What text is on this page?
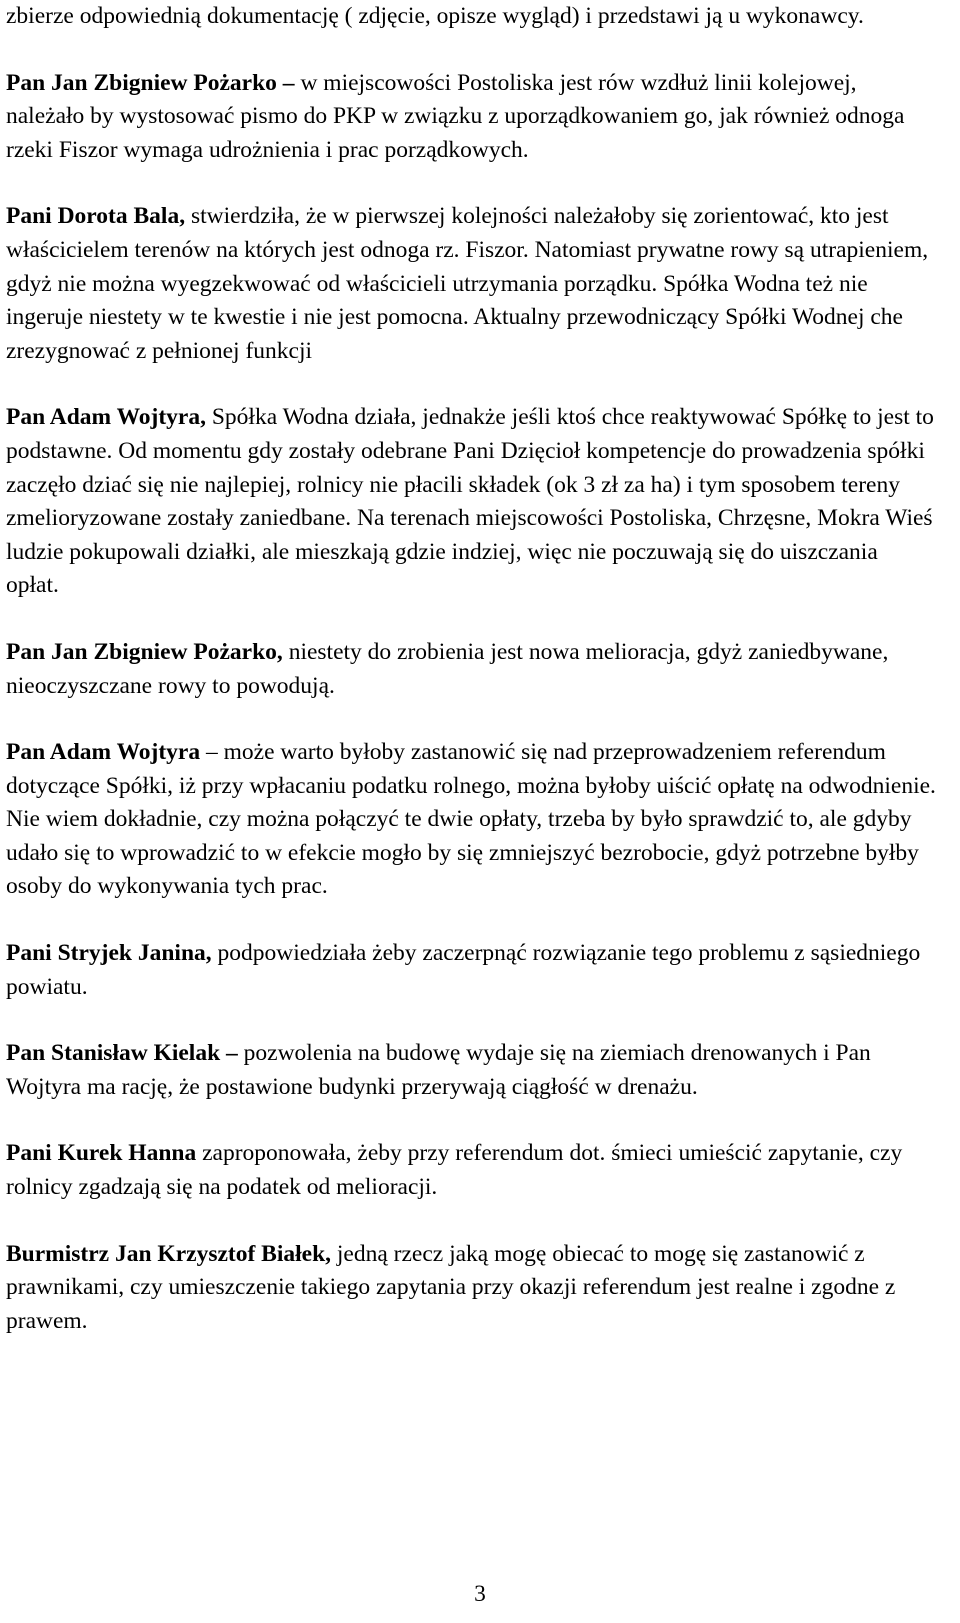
zbierze odpowiednią dokumentację ( zdjęcie, opisze wygląd) i przedstawi ją u wykonawcy.

Pan Jan Zbigniew Pożarko – w miejscowości Postoliska jest rów wzdłuż linii kolejowej, należało by wystosować pismo do PKP w związku z uporządkowaniem go, jak również odnoga rzeki Fiszor wymaga udrożnienia i prac porządkowych.

Pani Dorota Bala, stwierdziła, że w pierwszej kolejności należałoby się zorientować, kto jest właścicielem terenów na których jest odnoga rz. Fiszor. Natomiast prywatne rowy są utrapieniem, gdyż nie można wyegzekwować od właścicieli utrzymania porządku. Spółka Wodna też nie ingeruje niestety w te kwestie i nie jest pomocna. Aktualny przewodniczący Spółki Wodnej che zrezygnować z pełnionej funkcji

Pan Adam Wojtyra, Spółka Wodna działa, jednakże jeśli ktoś chce reaktywować Spółkę to jest to podstawne. Od momentu gdy zostały odebrane Pani Dzięcioł kompetencje do prowadzenia spółki zaczęło dziać się nie najlepiej, rolnicy nie płacili składek (ok 3 zł za ha) i tym sposobem tereny zmelioryzowane zostały zaniedbane. Na terenach miejscowości Postoliska, Chrzęsne, Mokra Wieś ludzie pokupowali działki, ale mieszkają gdzie indziej, więc nie poczuwają się do uiszczania opłat.

Pan Jan Zbigniew Pożarko, niestety do zrobienia jest nowa melioracja, gdyż zaniedbywane, nieoczyszczane rowy to powodują.

Pan Adam Wojtyra – może warto byłoby zastanowić się nad przeprowadzeniem referendum dotyczące Spółki, iż przy wpłacaniu podatku rolnego, można byłoby uiścić opłatę na odwodnienie. Nie wiem dokładnie, czy można połączyć te dwie opłaty, trzeba by było sprawdzić to, ale gdyby udało się to wprowadzić to w efekcie mogło by się zmniejszyć bezrobocie, gdyż potrzebne byłby osoby do wykonywania tych prac.

Pani Stryjek Janina, podpowiedziała żeby zaczerpnąć rozwiązanie tego problemu z sąsiedniego powiatu.

Pan Stanisław Kielak – pozwolenia na budowę wydaje się na ziemiach drenowanych i Pan Wojtyra ma rację, że postawione budynki przerywają ciągłość w drenażu.

Pani Kurek Hanna zaproponowała, żeby przy referendum dot. śmieci umieścić zapytanie, czy rolnicy zgadzają się na podatek od melioracji.

Burmistrz Jan Krzysztof Białek, jedną rzecz jaką mogę obiecać to mogę się zastanowić z prawnikami, czy umieszczenie takiego zapytania przy okazji referendum jest realne i zgodne z prawem.

3
